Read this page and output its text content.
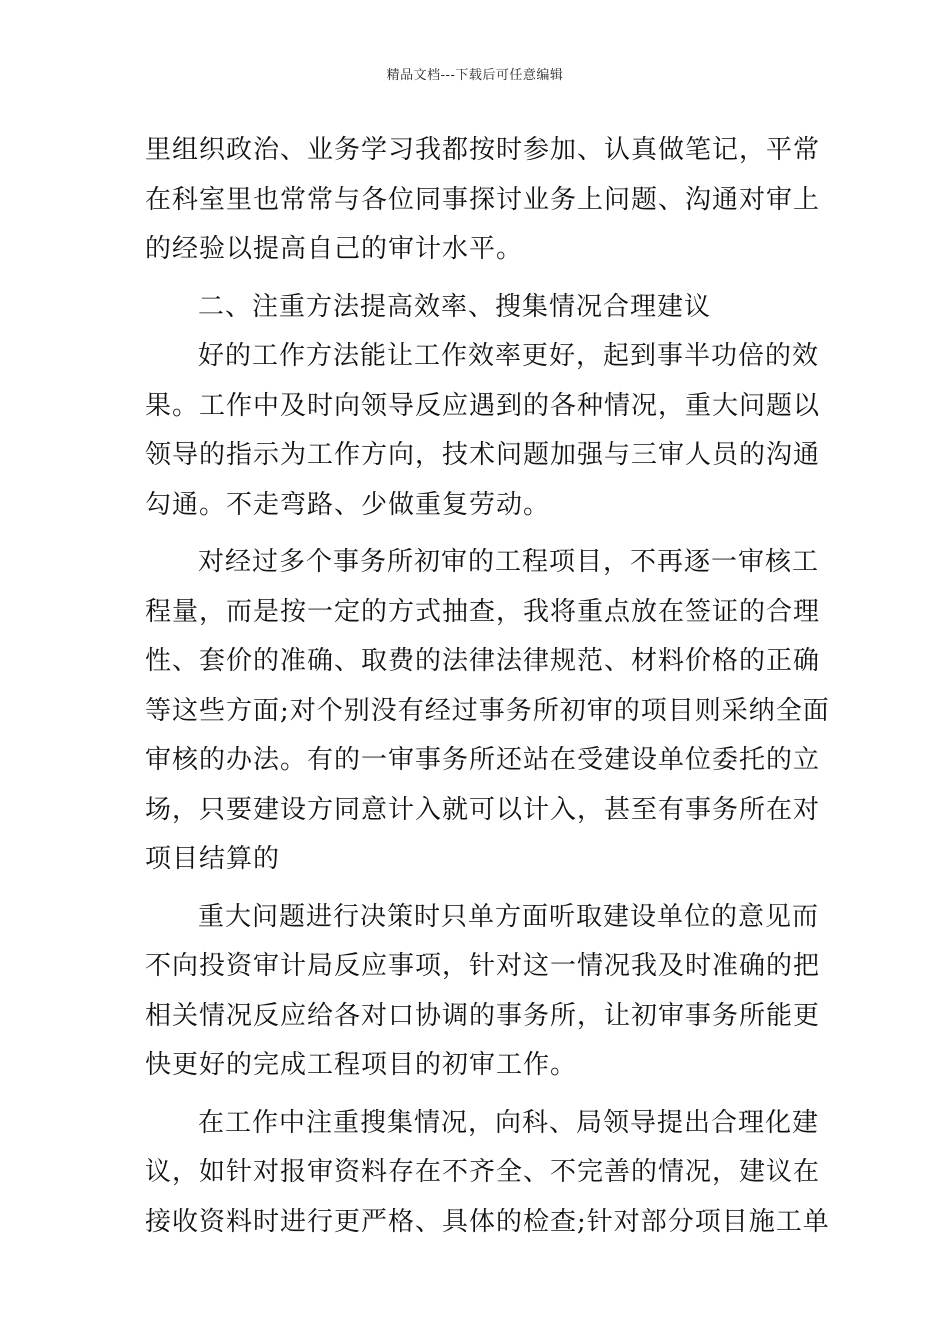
精品文档---下载后可任意编辑
里组织政治、业务学习我都按时参加、认真做笔记，平常
在科室里也常常与各位同事探讨业务上问题、沟通对审上
的经验以提高自己的审计水平。
二、注重方法提高效率、搜集情况合理建议
好的工作方法能让工作效率更好，起到事半功倍的效
果。工作中及时向领导反应遇到的各种情况，重大问题以
领导的指示为工作方向，技术问题加强与三审人员的沟通
勾通。不走弯路、少做重复劳动。
对经过多个事务所初审的工程项目，不再逐一审核工
程量，而是按一定的方式抽查，我将重点放在签证的合理
性、套价的准确、取费的法律法律规范、材料价格的正确
等这些方面;对个别没有经过事务所初审的项目则采纳全面
审核的办法。有的一审事务所还站在受建设单位委托的立
场，只要建设方同意计入就可以计入，甚至有事务所在对
项目结算的
重大问题进行决策时只单方面听取建设单位的意见而
不向投资审计局反应事项，针对这一情况我及时准确的把
相关情况反应给各对口协调的事务所，让初审事务所能更
快更好的完成工程项目的初审工作。
在工作中注重搜集情况，向科、局领导提出合理化建
议，如针对报审资料存在不齐全、不完善的情况，建议在
接收资料时进行更严格、具体的检查;针对部分项目施工单
